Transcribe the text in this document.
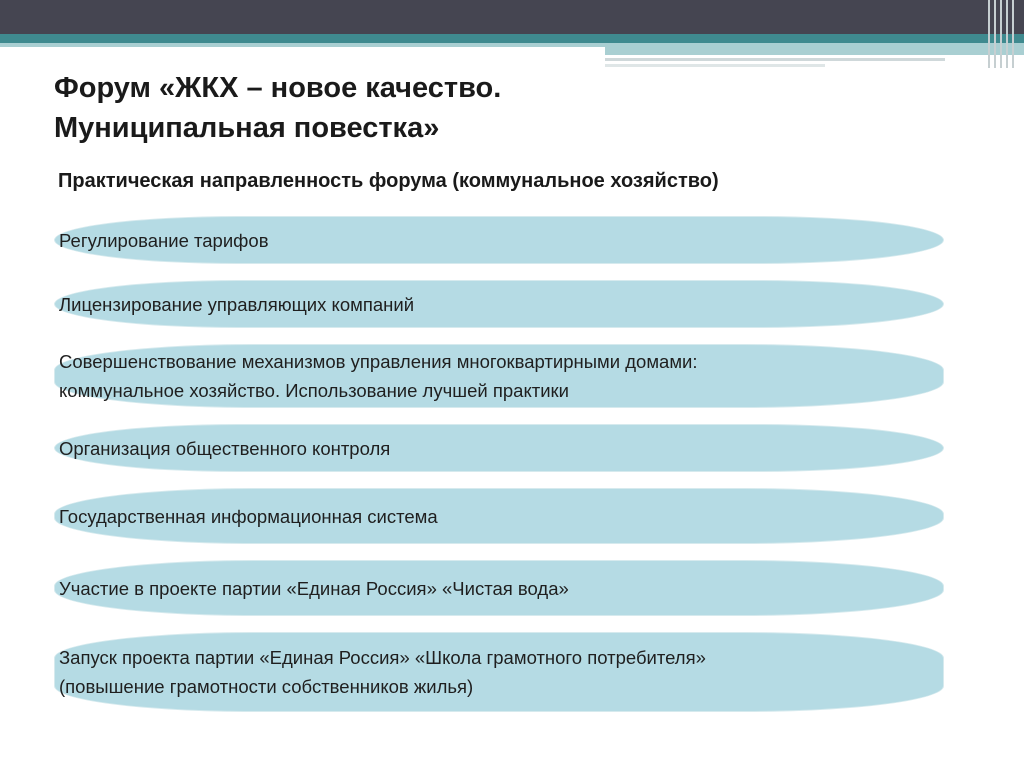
Форум «ЖКХ – новое качество.
Муниципальная повестка»

Практическая направленность форума (коммунальное хозяйство)

Регулирование тарифов
Лицензирование управляющих компаний
Совершенствование механизмов управления многоквартирными домами:
коммунальное хозяйство. Использование лучшей практики
Организация общественного контроля
Государственная информационная система
Участие в проекте партии «Единая Россия» «Чистая вода»
Запуск проекта партии «Единая Россия» «Школа грамотного потребителя»
(повышение грамотности собственников жилья)
